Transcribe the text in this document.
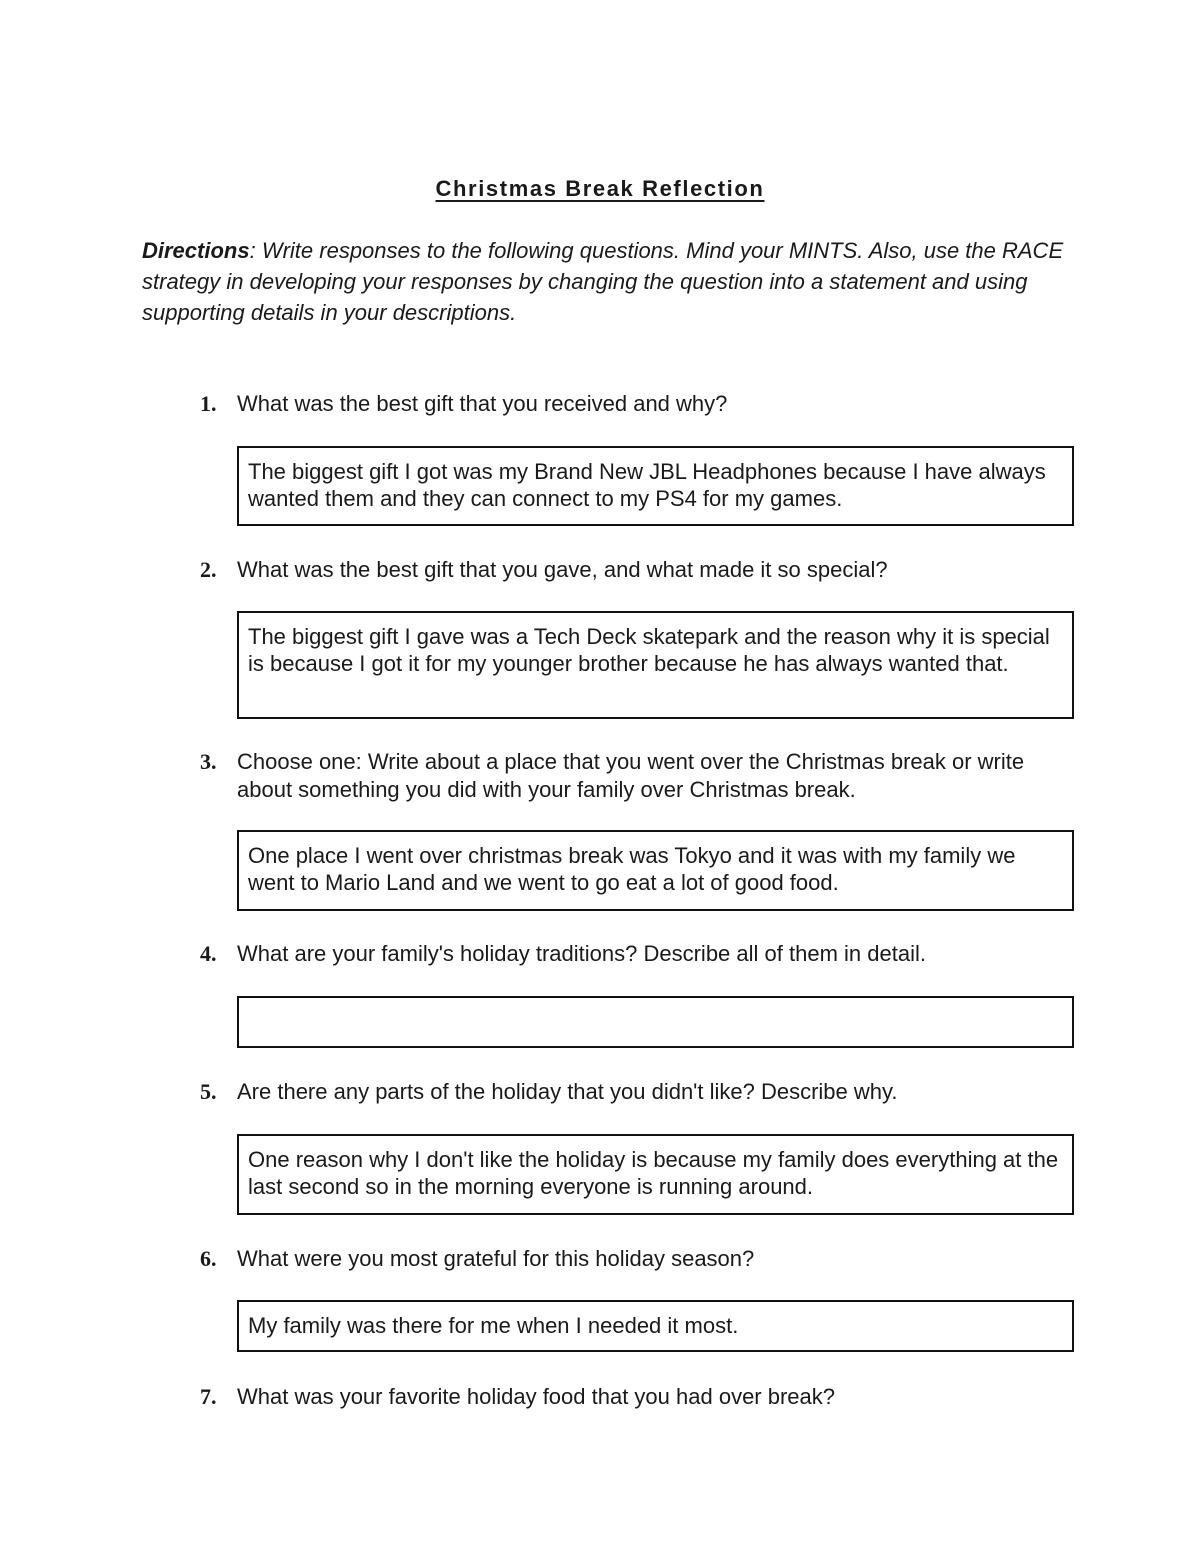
Christmas Break Reflection

Directions: Write responses to the following questions. Mind your MINTS. Also, use the RACE strategy in developing your responses by changing the question into a statement and using supporting details in your descriptions.

1. What was the best gift that you received and why?
The biggest gift I got was my Brand New JBL Headphones because I have always wanted them and they can connect to my PS4 for my games.
2. What was the best gift that you gave, and what made it so special?
The biggest gift I gave was a Tech Deck skatepark and the reason why it is special is because I got it for my younger brother because he has always wanted that.
3. Choose one: Write about a place that you went over the Christmas break or write about something you did with your family over Christmas break.
One place I went over christmas break was Tokyo and it was with my family we went to Mario Land and we went to go eat a lot of good food.
4. What are your family's holiday traditions? Describe all of them in detail.
5. Are there any parts of the holiday that you didn't like? Describe why.
One reason why I don't like the holiday is because my family does everything at the last second so in the morning everyone is running around.
6. What were you most grateful for this holiday season?
My family was there for me when I needed it most.
7. What was your favorite holiday food that you had over break?
